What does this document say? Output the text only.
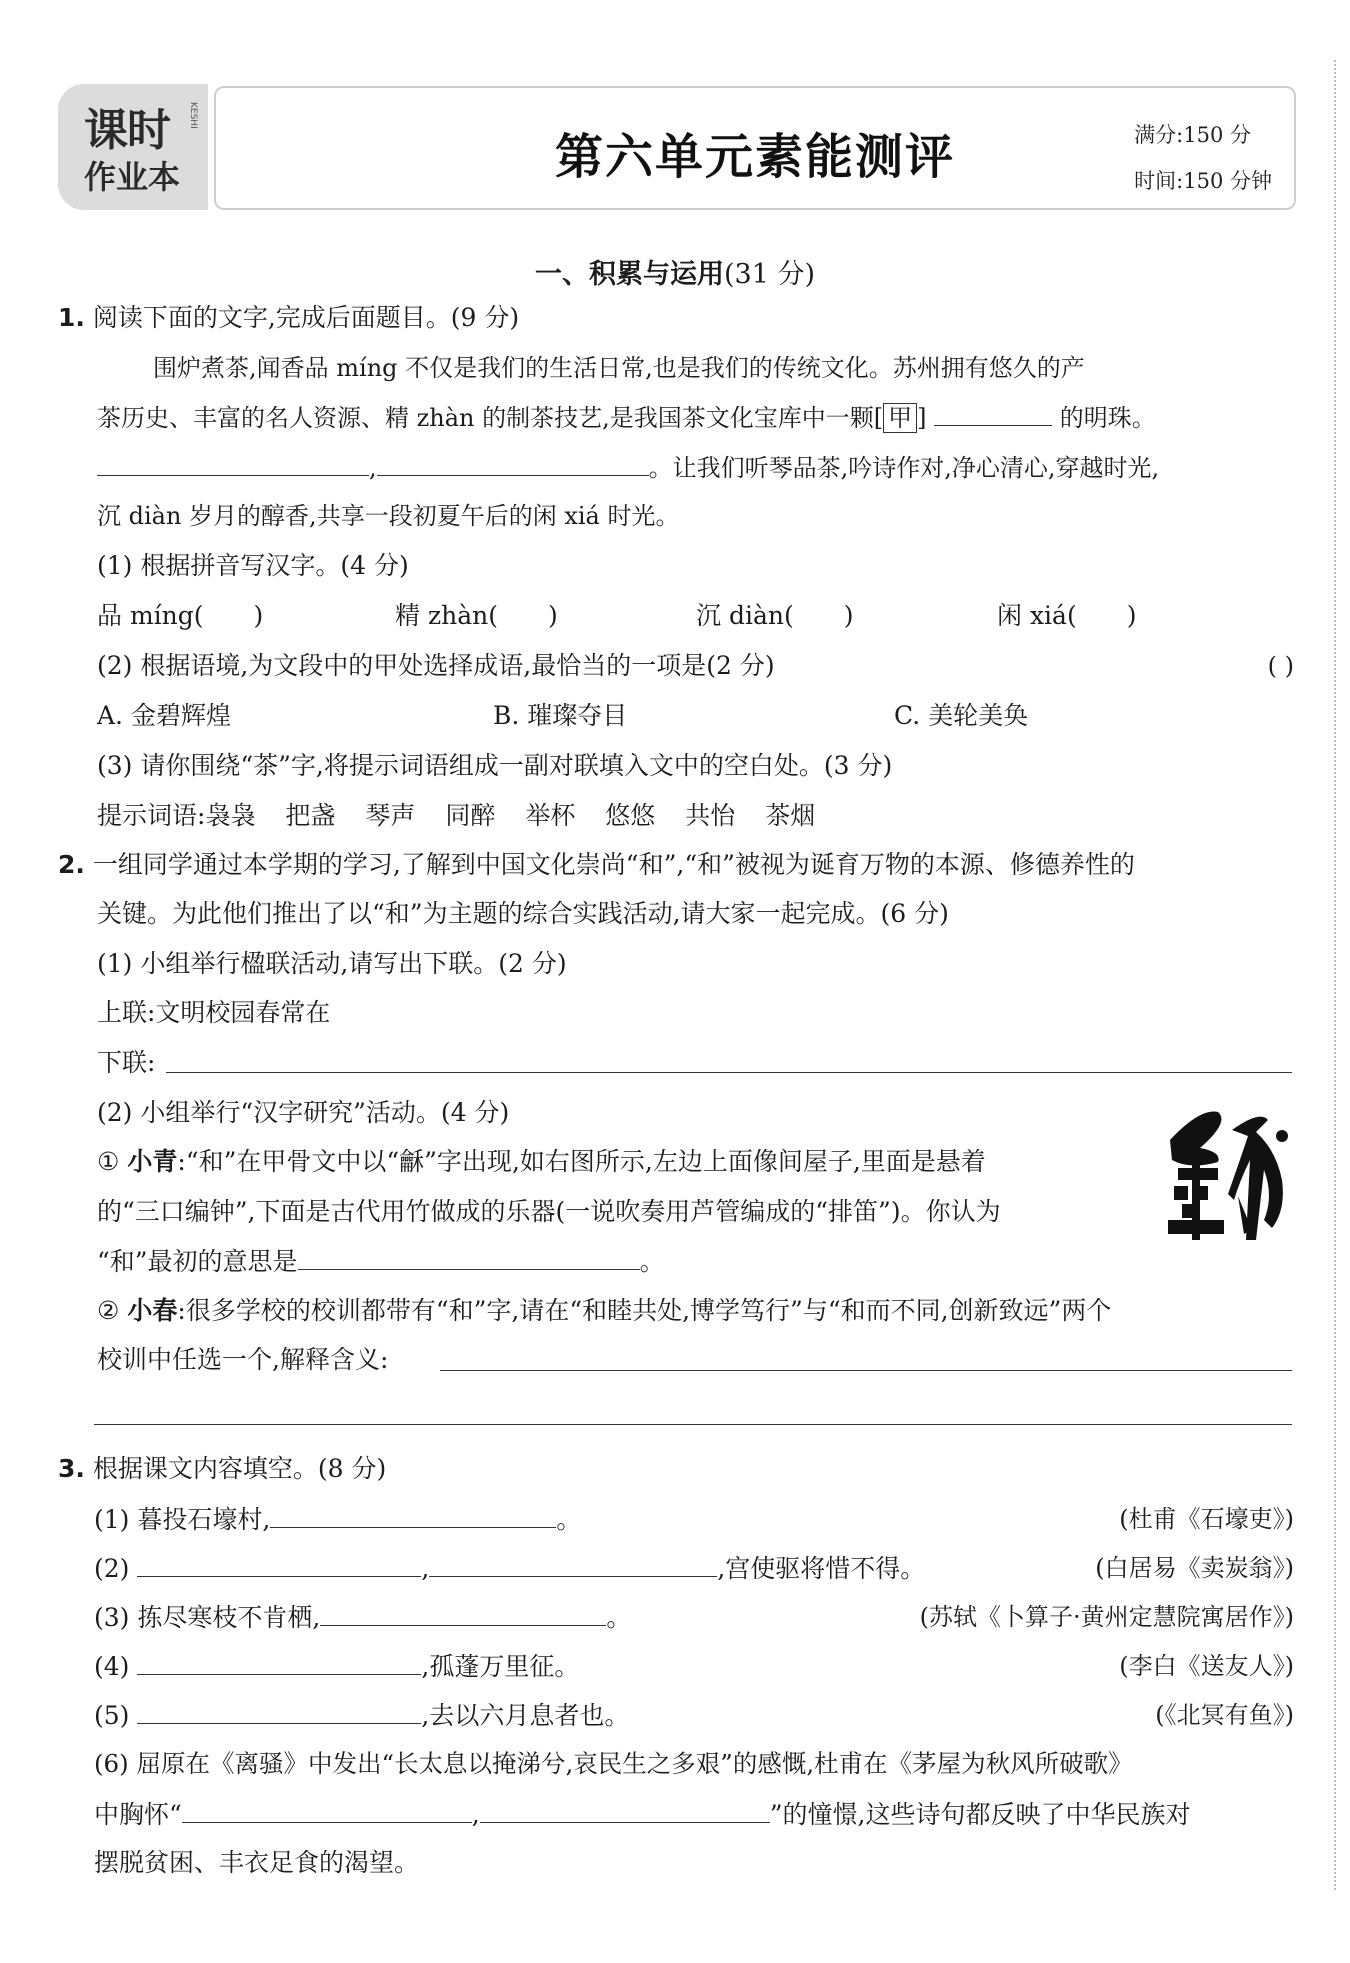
课时
作业本
KESHI
第六单元素能测评	满分:150 分
时间:150 分钟
一、积累与运用(31 分)
1. 阅读下面的文字,完成后面题目。(9 分)
围炉煮茶,闻香品 míng 不仅是我们的生活日常,也是我们的传统文化。苏州拥有悠久的产
茶历史、丰富的名人资源、精 zhàn 的制茶技艺,是我国茶文化宝库中一颗[ 甲 ]	的明珠。
,	。让我们听琴品茶,吟诗作对,净心清心,穿越时光,
沉 diàn 岁月的醇香,共享一段初夏午后的闲 xiá 时光。
(1) 根据拼音写汉字。(4 分)
品 míng( )	精 zhàn( )	沉 diàn( )	闲 xiá( )
(2) 根据语境,为文段中的甲处选择成语,最恰当的一项是(2 分)	( )
A. 金碧辉煌	B. 璀璨夺目	C. 美轮美奂
(3) 请你围绕“茶”字,将提示词语组成一副对联填入文中的空白处。(3 分)
提示词语:袅袅 把盏 琴声 同醉 举杯 悠悠 共怡 茶烟
2. 一组同学通过本学期的学习,了解到中国文化崇尚“和”,“和”被视为诞育万物的本源、修德养性的
关键。为此他们推出了以“和”为主题的综合实践活动,请大家一起完成。(6 分)
(1) 小组举行楹联活动,请写出下联。(2 分)
上联:文明校园春常在
下联:
(2) 小组举行“汉字研究”活动。(4 分)
① 小青:“和”在甲骨文中以“龢”字出现,如右图所示,左边上面像间屋子,里面是悬着
的“三口编钟”,下面是古代用竹做成的乐器(一说吹奏用芦管编成的“排笛”)。你认为
“和”最初的意思是	。
② 小春:很多学校的校训都带有“和”字,请在“和睦共处,博学笃行”与“和而不同,创新致远”两个
校训中任选一个,解释含义:
3. 根据课文内容填空。(8 分)
(1) 暮投石壕村,	。	(杜甫《石壕吏》)
(2)	,	,宫使驱将惜不得。	(白居易《卖炭翁》)
(3) 拣尽寒枝不肯栖,	。	(苏轼《卜算子·黄州定慧院寓居作》)
(4)	,孤蓬万里征。	(李白《送友人》)
(5)	,去以六月息者也。	(《北冥有鱼》)
(6) 屈原在《离骚》中发出“长太息以掩涕兮,哀民生之多艰”的感慨,杜甫在《茅屋为秋风所破歌》
中胸怀“	,	”的憧憬,这些诗句都反映了中华民族对
摆脱贫困、丰衣足食的渴望。
